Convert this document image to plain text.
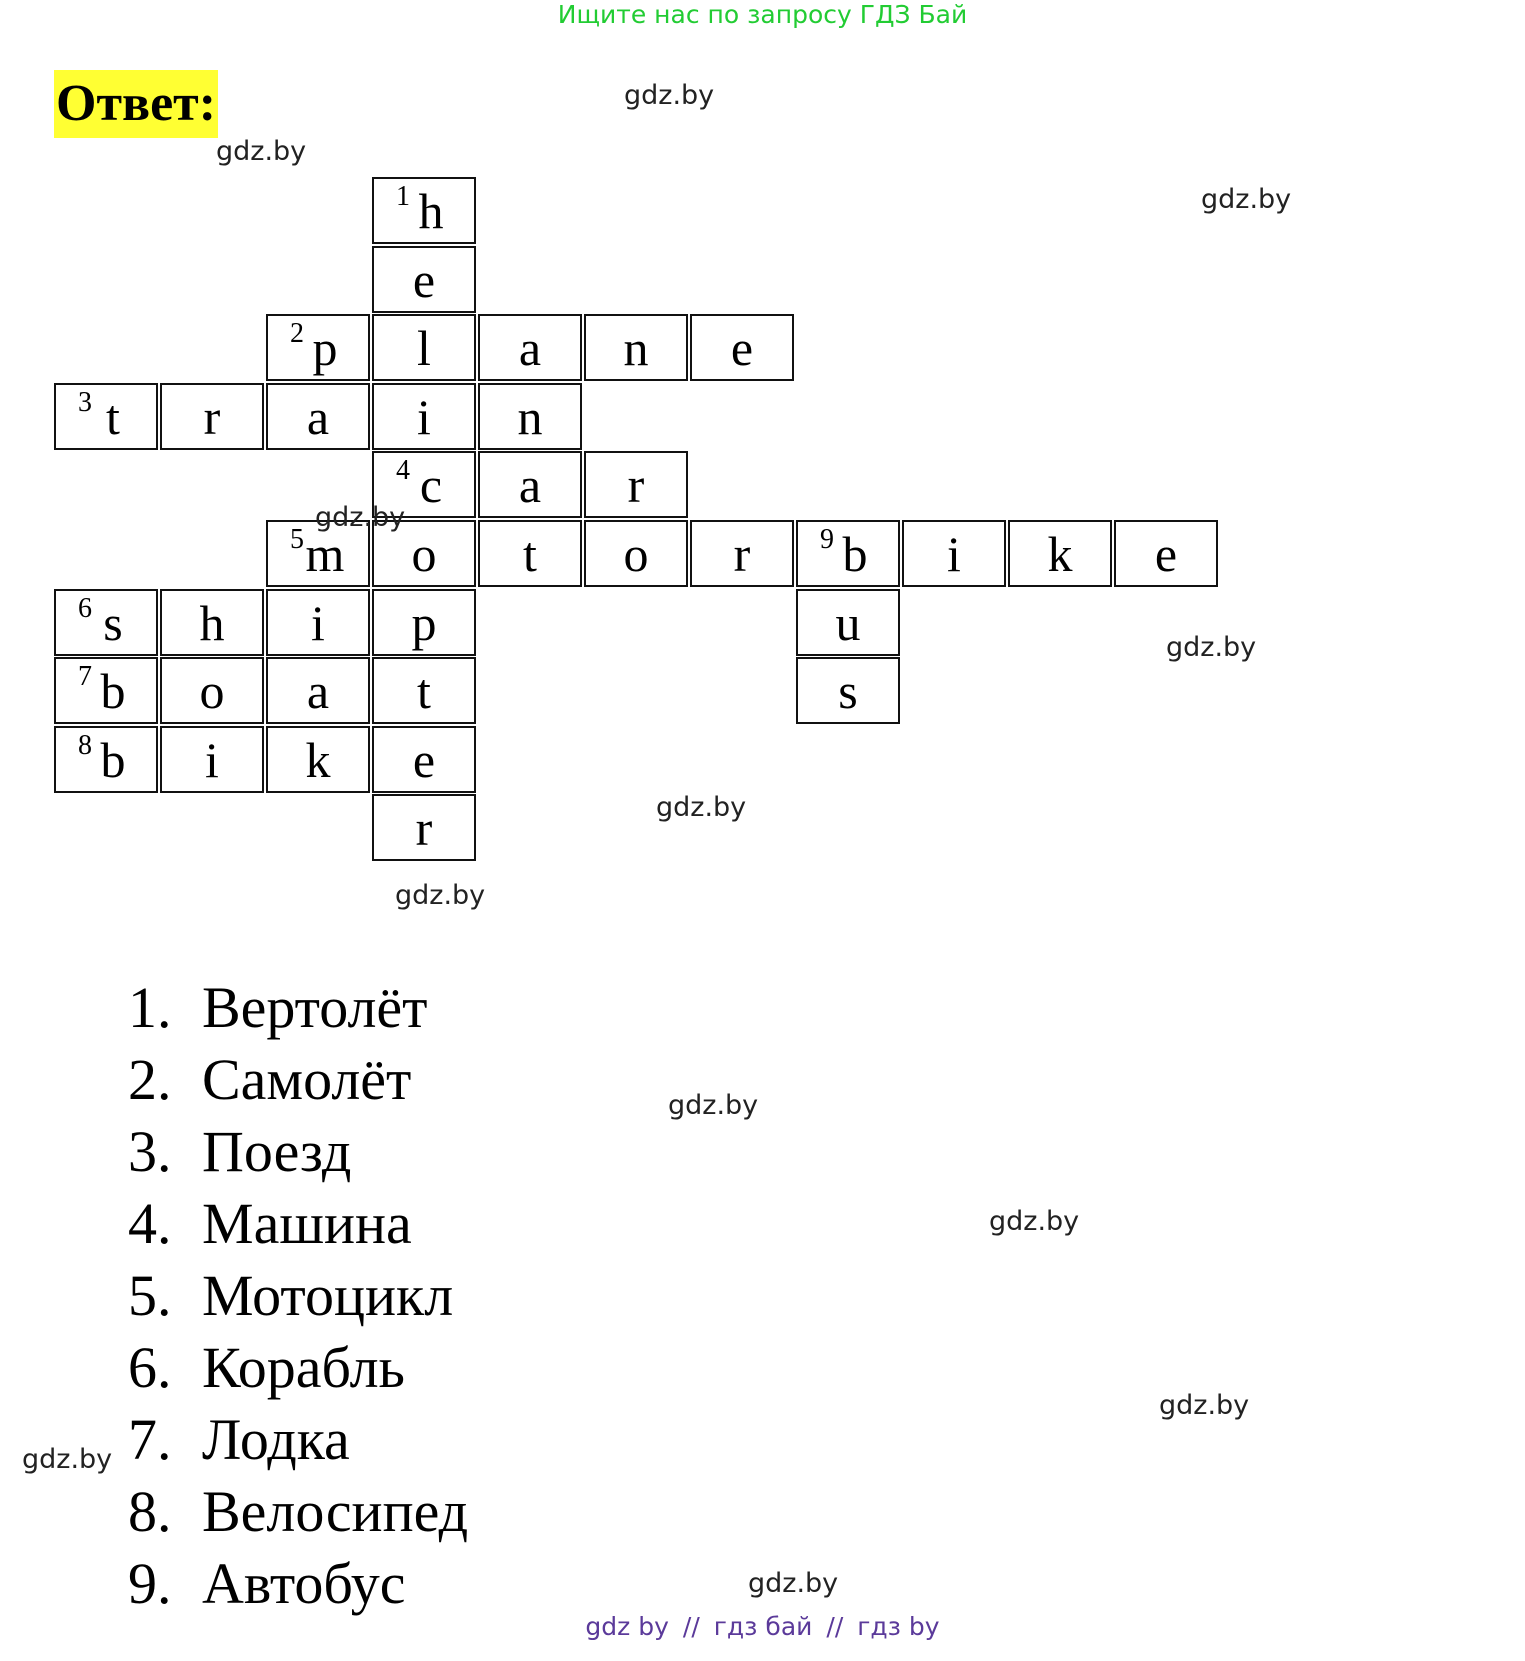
Ищите нас по запросу ГДЗ Бай
Ответ:
1 h
e
2 p	l	a	n	e
3 t	r	a	i	n
4 c	a	r
5 m	o	t	o	r	9 b	i	k	e
6 s	h	i	p	u
7 b	o	a	t	s
8 b	i	k	e
r
1. Вертолёт
2. Самолёт
3. Поезд
4. Машина
5. Мотоцикл
6. Корабль
7. Лодка
8. Велосипед
9. Автобус
gdz.by
gdz.by
gdz.by
gdz.by
gdz.by
gdz.by
gdz.by
gdz.by
gdz.by
gdz.by
gdz.by
gdz.by
gdz by // гдз бай // гдз by
